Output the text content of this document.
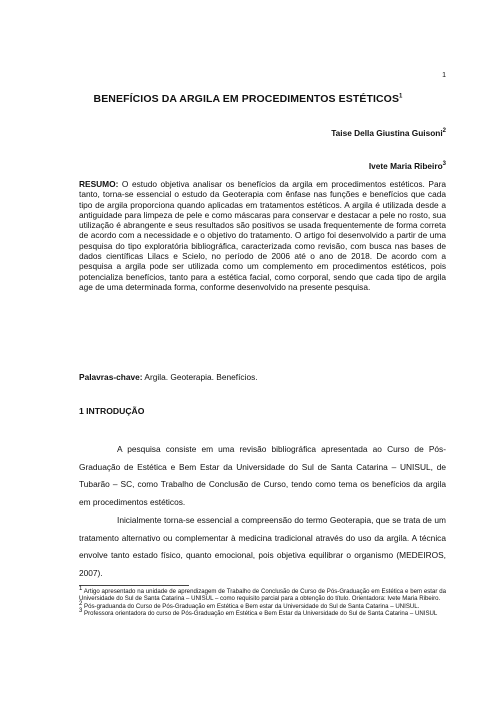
1
BENEFÍCIOS DA ARGILA EM PROCEDIMENTOS ESTÉTICOS$^1$
Taise Della Giustina Guisoni$^2$
Ivete Maria Ribeiro$^3$
RESUMO: O estudo objetiva analisar os benefícios da argila em procedimentos estéticos. Para tanto, torna-se essencial o estudo da Geoterapia com ênfase nas funções e benefícios que cada tipo de argila proporciona quando aplicadas em tratamentos estéticos. A argila é utilizada desde a antiguidade para limpeza de pele e como máscaras para conservar e destacar a pele no rosto, sua utilização é abrangente e seus resultados são positivos se usada frequentemente de forma correta de acordo com a necessidade e o objetivo do tratamento. O artigo foi desenvolvido a partir de uma pesquisa do tipo exploratória bibliográfica, caracterizada como revisão, com busca nas bases de dados científicas Lilacs e Scielo, no período de 2006 até o ano de 2018. De acordo com a pesquisa a argila pode ser utilizada como um complemento em procedimentos estéticos, pois potencializa benefícios, tanto para a estética facial, como corporal, sendo que cada tipo de argila age de uma determinada forma, conforme desenvolvido na presente pesquisa.
Palavras-chave: Argila. Geoterapia. Benefícios.
1 INTRODUÇÃO
A pesquisa consiste em uma revisão bibliográfica apresentada ao Curso de Pós-Graduação de Estética e Bem Estar da Universidade do Sul de Santa Catarina – UNISUL, de Tubarão – SC, como Trabalho de Conclusão de Curso, tendo como tema os benefícios da argila em procedimentos estéticos.
Inicialmente torna-se essencial a compreensão do termo Geoterapia, que se trata de um tratamento alternativo ou complementar à medicina tradicional através do uso da argila. A técnica envolve tanto estado físico, quanto emocional, pois objetiva equilibrar o organismo (MEDEIROS, 2007).

$^1$ Artigo apresentado na unidade de aprendizagem de Trabalho de Conclusão de Curso de Pós-Graduação em Estética e bem estar da Universidade do Sul de Santa Catarina – UNISUL – como requisito parcial para a obtenção do título. Orientadora: Ivete Maria Ribeiro.

$^2$ Pós-graduanda do Curso de Pós-Graduação em Estética e Bem estar da Universidade do Sul de Santa Catarina – UNISUL.

$^3$ Professora orientadora do curso de Pós-Graduação em Estética e Bem Estar da Universidade do Sul de Santa Catarina – UNISUL
